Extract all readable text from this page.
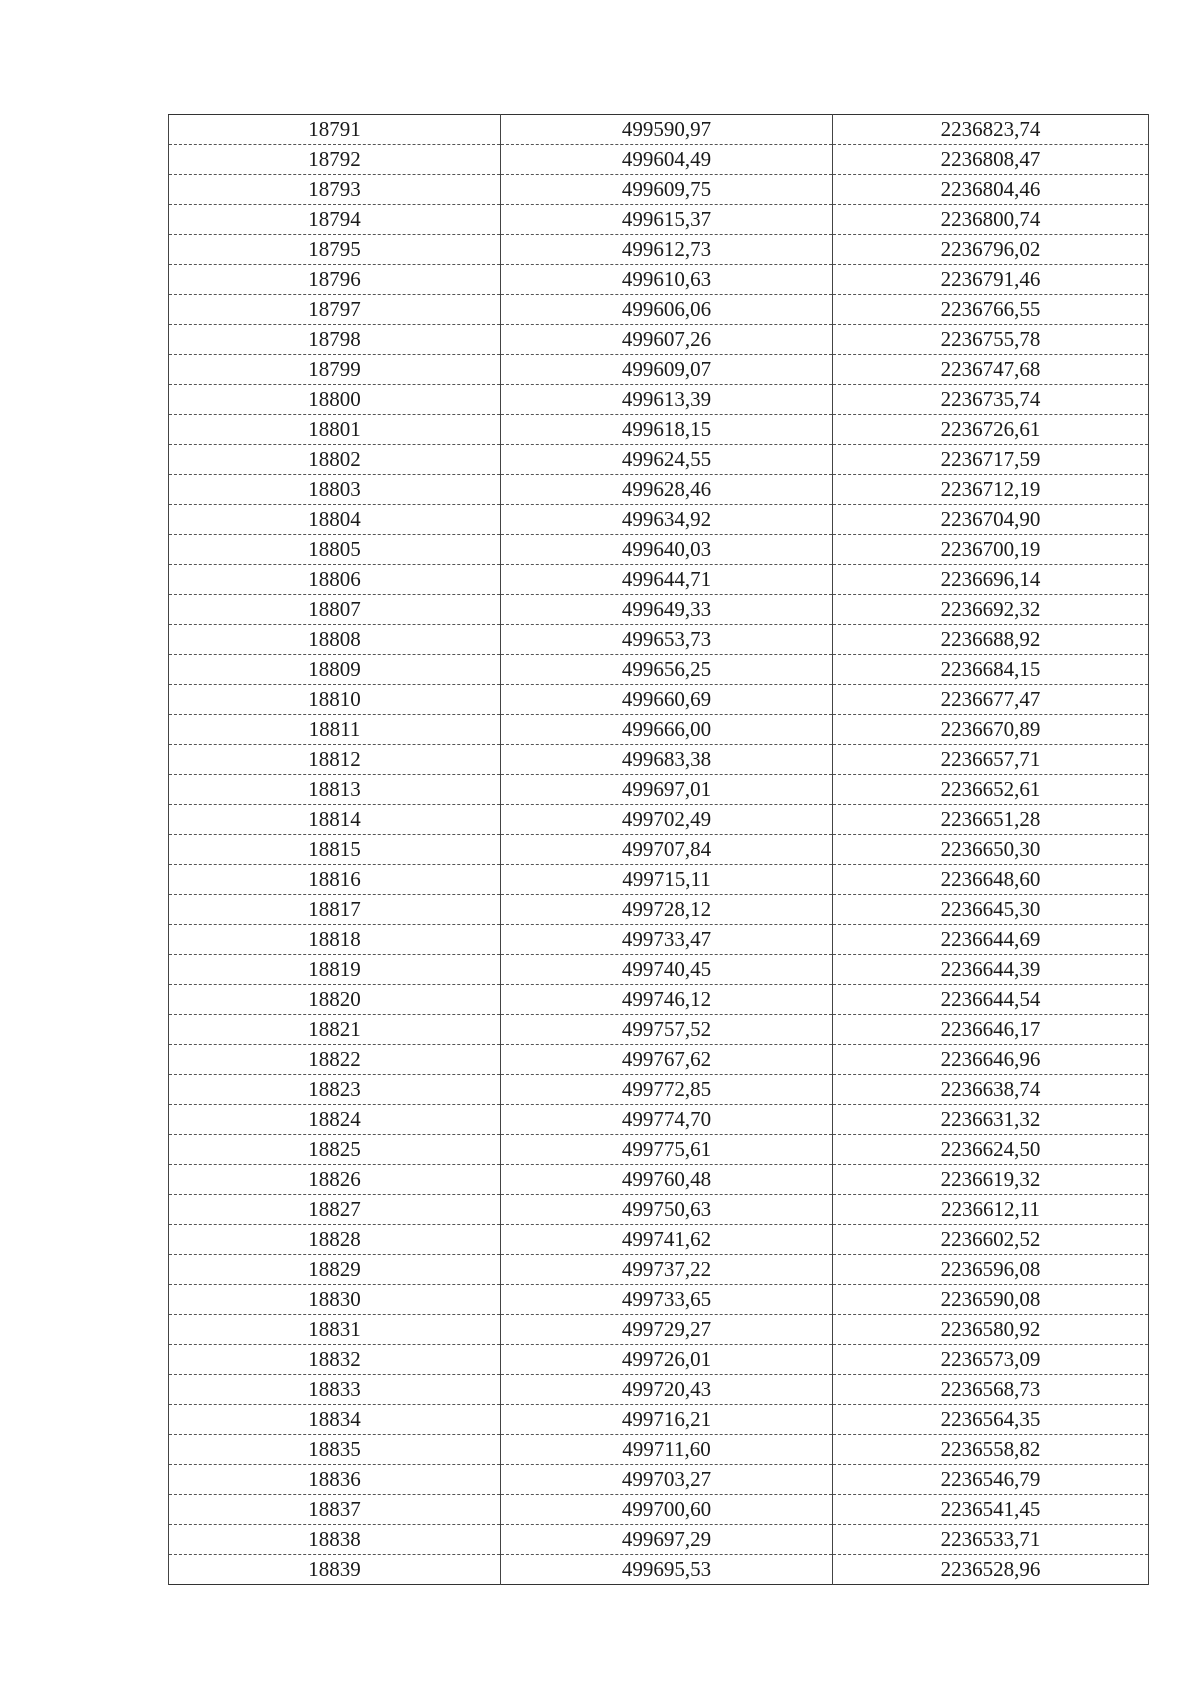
18791	499590,97	2236823,74
18792	499604,49	2236808,47
18793	499609,75	2236804,46
18794	499615,37	2236800,74
18795	499612,73	2236796,02
18796	499610,63	2236791,46
18797	499606,06	2236766,55
18798	499607,26	2236755,78
18799	499609,07	2236747,68
18800	499613,39	2236735,74
18801	499618,15	2236726,61
18802	499624,55	2236717,59
18803	499628,46	2236712,19
18804	499634,92	2236704,90
18805	499640,03	2236700,19
18806	499644,71	2236696,14
18807	499649,33	2236692,32
18808	499653,73	2236688,92
18809	499656,25	2236684,15
18810	499660,69	2236677,47
18811	499666,00	2236670,89
18812	499683,38	2236657,71
18813	499697,01	2236652,61
18814	499702,49	2236651,28
18815	499707,84	2236650,30
18816	499715,11	2236648,60
18817	499728,12	2236645,30
18818	499733,47	2236644,69
18819	499740,45	2236644,39
18820	499746,12	2236644,54
18821	499757,52	2236646,17
18822	499767,62	2236646,96
18823	499772,85	2236638,74
18824	499774,70	2236631,32
18825	499775,61	2236624,50
18826	499760,48	2236619,32
18827	499750,63	2236612,11
18828	499741,62	2236602,52
18829	499737,22	2236596,08
18830	499733,65	2236590,08
18831	499729,27	2236580,92
18832	499726,01	2236573,09
18833	499720,43	2236568,73
18834	499716,21	2236564,35
18835	499711,60	2236558,82
18836	499703,27	2236546,79
18837	499700,60	2236541,45
18838	499697,29	2236533,71
18839	499695,53	2236528,96
